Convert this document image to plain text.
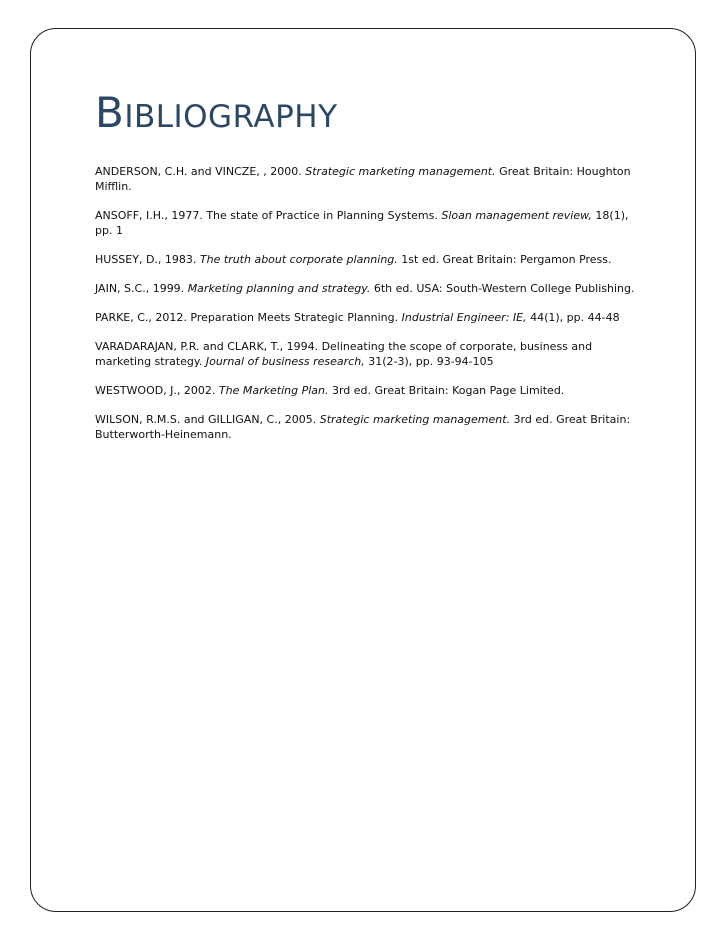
BIBLIOGRAPHY

ANDERSON, C.H. and VINCZE, , 2000. Strategic marketing management. Great Britain: Houghton Mifflin.

ANSOFF, I.H., 1977. The state of Practice in Planning Systems. Sloan management review, 18(1), pp. 1

HUSSEY, D., 1983. The truth about corporate planning. 1st ed. Great Britain: Pergamon Press.

JAIN, S.C., 1999. Marketing planning and strategy. 6th ed. USA: South-Western College Publishing.

PARKE, C., 2012. Preparation Meets Strategic Planning. Industrial Engineer: IE, 44(1), pp. 44-48

VARADARAJAN, P.R. and CLARK, T., 1994. Delineating the scope of corporate, business and marketing strategy. Journal of business research, 31(2-3), pp. 93-94-105

WESTWOOD, J., 2002. The Marketing Plan. 3rd ed. Great Britain: Kogan Page Limited.

WILSON, R.M.S. and GILLIGAN, C., 2005. Strategic marketing management. 3rd ed. Great Britain: Butterworth-Heinemann.
